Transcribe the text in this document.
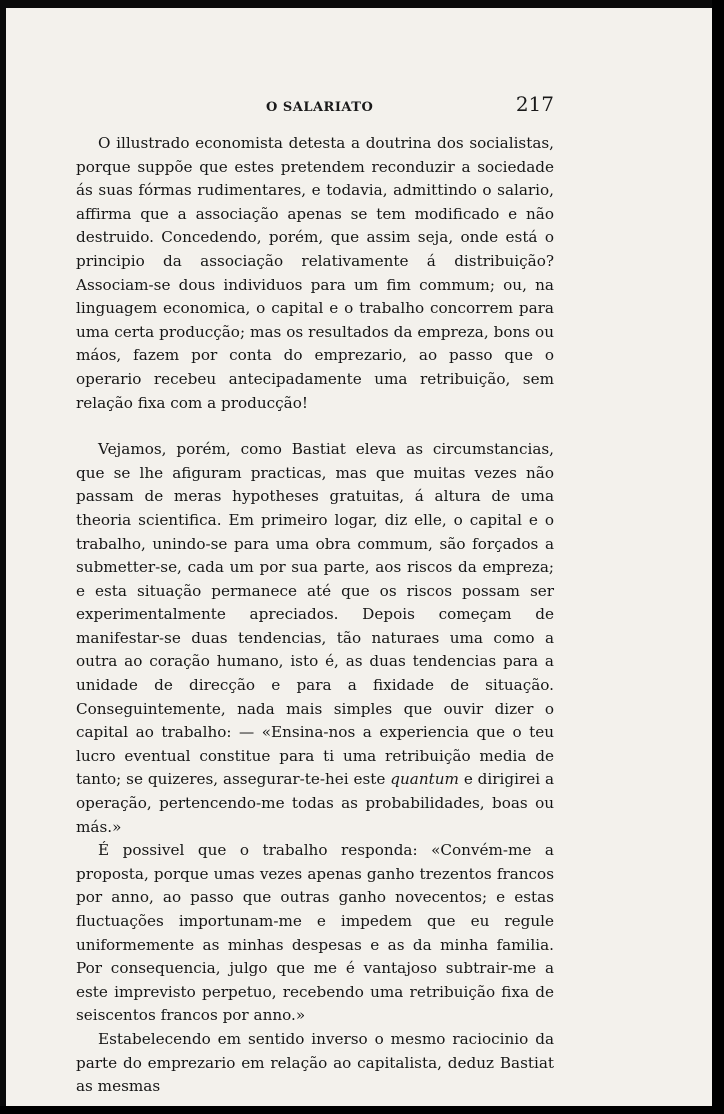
O SALARIATO	217

O illustrado economista detesta a doutrina dos socialistas, porque suppõe que estes pretendem reconduzir a sociedade ás suas fórmas rudimentares, e todavia, admittindo o salario, affirma que a associação apenas se tem modificado e não destruido. Concedendo, porém, que assim seja, onde está o principio da associação relativamente á distribuição? Associam-se dous individuos para um fim commum; ou, na linguagem economica, o capital e o trabalho concorrem para uma certa producção; mas os resultados da empreza, bons ou máos, fazem por conta do emprezario, ao passo que o operario recebeu antecipadamente uma retribuição, sem relação fixa com a producção!

Vejamos, porém, como Bastiat eleva as circumstancias, que se lhe afiguram practicas, mas que muitas vezes não passam de meras hypotheses gratuitas, á altura de uma theoria scientifica. Em primeiro logar, diz elle, o capital e o trabalho, unindo-se para uma obra commum, são forçados a submetter-se, cada um por sua parte, aos riscos da empreza; e esta situação permanece até que os riscos possam ser experimentalmente apreciados. Depois começam de manifestar-se duas tendencias, tão naturaes uma como a outra ao coração humano, isto é, as duas tendencias para a unidade de direcção e para a fixidade de situação. Conseguintemente, nada mais simples que ouvir dizer o capital ao trabalho: — «Ensina-nos a experiencia que o teu lucro eventual constitue para ti uma retribuição media de tanto; se quizeres, assegurar-te-hei este quantum e dirigirei a operação, pertencendo-me todas as probabilidades, boas ou más.»

É possivel que o trabalho responda: «Convém-me a proposta, porque umas vezes apenas ganho trezentos francos por anno, ao passo que outras ganho novecentos; e estas fluctuações importunam-me e impedem que eu regule uniformemente as minhas despesas e as da minha familia. Por consequencia, julgo que me é vantajoso subtrair-me a este imprevisto perpetuo, recebendo uma retribuição fixa de seiscentos francos por anno.»

Estabelecendo em sentido inverso o mesmo raciocinio da parte do emprezario em relação ao capitalista, deduz Bastiat as mesmas
